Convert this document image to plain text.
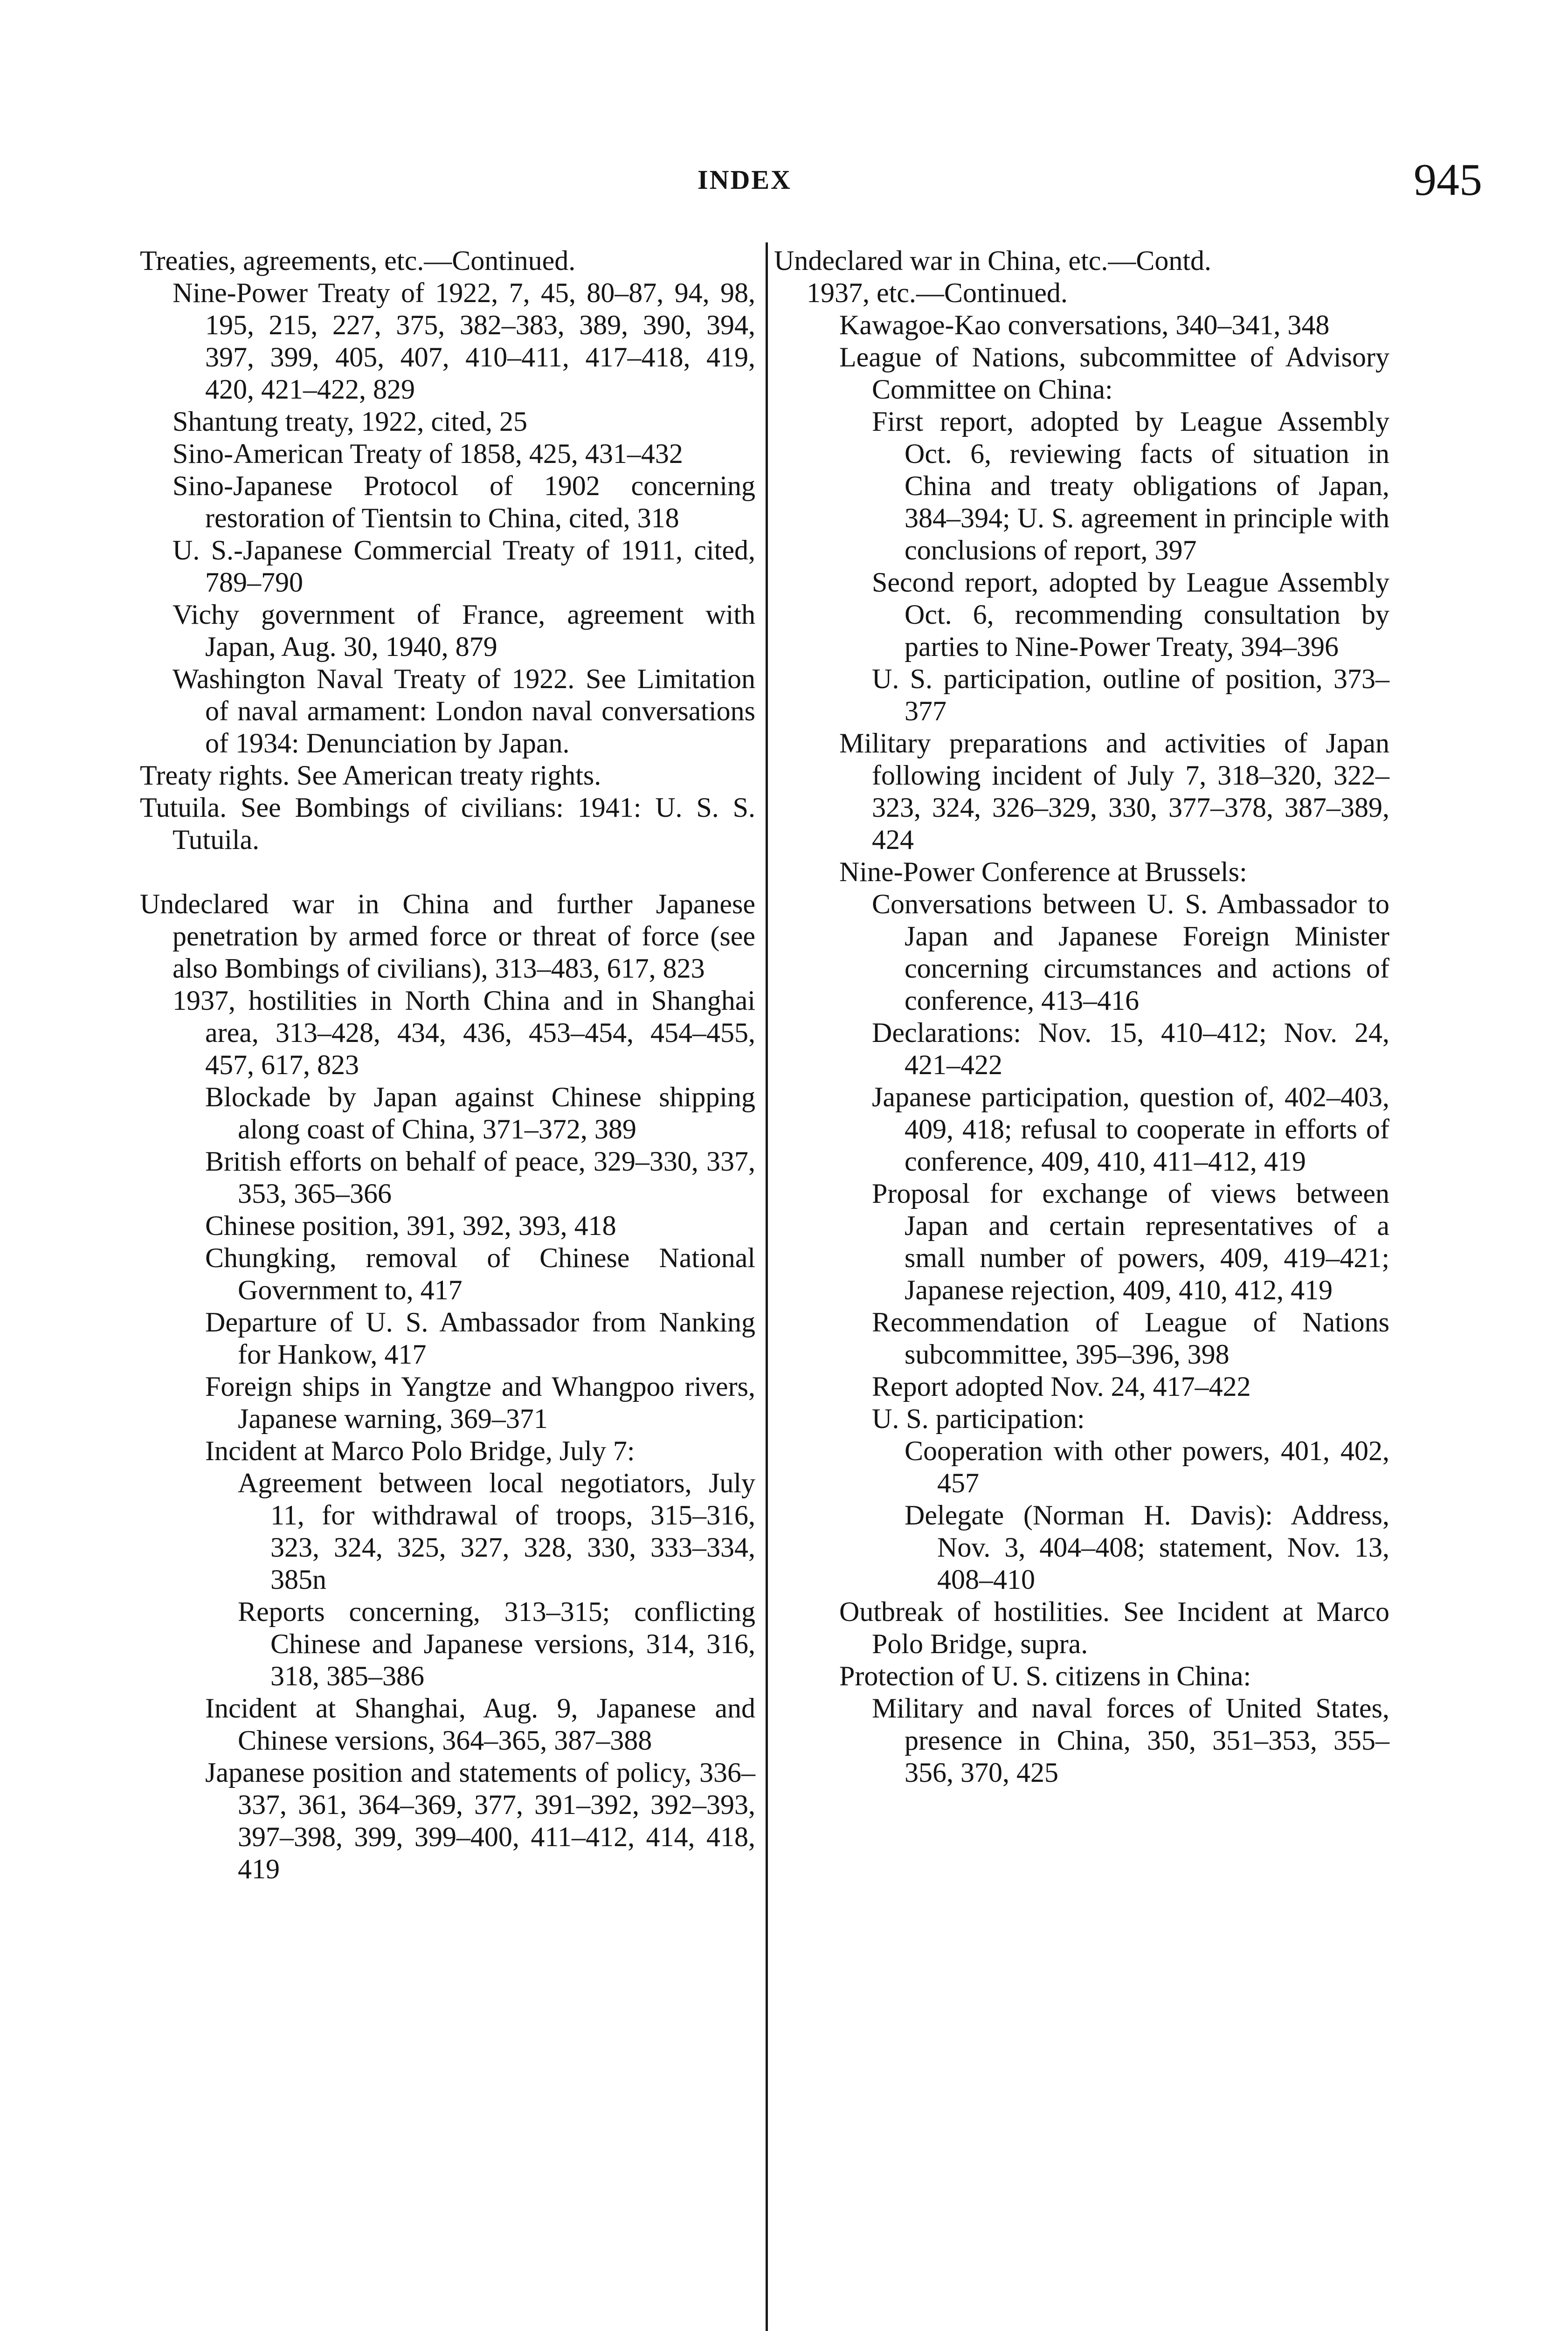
INDEX	945

Treaties, agreements, etc.—Continued.

Nine-Power Treaty of 1922, 7, 45, 80–87, 94, 98, 195, 215, 227, 375, 382–383, 389, 390, 394, 397, 399, 405, 407, 410–411, 417–418, 419, 420, 421–422, 829

Shantung treaty, 1922, cited, 25

Sino-American Treaty of 1858, 425, 431–432

Sino-Japanese Protocol of 1902 concerning restoration of Tientsin to China, cited, 318

U. S.-Japanese Commercial Treaty of 1911, cited, 789–790

Vichy government of France, agreement with Japan, Aug. 30, 1940, 879

Washington Naval Treaty of 1922. See Limitation of naval armament: London naval conversations of 1934: Denunciation by Japan.

Treaty rights. See American treaty rights.

Tutuila. See Bombings of civilians: 1941: U. S. S. Tutuila.

Undeclared war in China and further Japanese penetration by armed force or threat of force (see also Bombings of civilians), 313–483, 617, 823

1937, hostilities in North China and in Shanghai area, 313–428, 434, 436, 453–454, 454–455, 457, 617, 823

Blockade by Japan against Chinese shipping along coast of China, 371–372, 389

British efforts on behalf of peace, 329–330, 337, 353, 365–366

Chinese position, 391, 392, 393, 418

Chungking, removal of Chinese National Government to, 417

Departure of U. S. Ambassador from Nanking for Hankow, 417

Foreign ships in Yangtze and Whangpoo rivers, Japanese warning, 369–371

Incident at Marco Polo Bridge, July 7:

Agreement between local negotiators, July 11, for withdrawal of troops, 315–316, 323, 324, 325, 327, 328, 330, 333–334, 385n

Reports concerning, 313–315; conflicting Chinese and Japanese versions, 314, 316, 318, 385–386

Incident at Shanghai, Aug. 9, Japanese and Chinese versions, 364–365, 387–388

Japanese position and statements of policy, 336–337, 361, 364–369, 377, 391–392, 392–393, 397–398, 399, 399–400, 411–412, 414, 418, 419

Undeclared war in China, etc.—Contd.

1937, etc.—Continued.

Kawagoe-Kao conversations, 340–341, 348

League of Nations, subcommittee of Advisory Committee on China:

First report, adopted by League Assembly Oct. 6, reviewing facts of situation in China and treaty obligations of Japan, 384–394; U. S. agreement in principle with conclusions of report, 397

Second report, adopted by League Assembly Oct. 6, recommending consultation by parties to Nine-Power Treaty, 394–396

U. S. participation, outline of position, 373–377

Military preparations and activities of Japan following incident of July 7, 318–320, 322–323, 324, 326–329, 330, 377–378, 387–389, 424

Nine-Power Conference at Brussels:

Conversations between U. S. Ambassador to Japan and Japanese Foreign Minister concerning circumstances and actions of conference, 413–416

Declarations: Nov. 15, 410–412; Nov. 24, 421–422

Japanese participation, question of, 402–403, 409, 418; refusal to cooperate in efforts of conference, 409, 410, 411–412, 419

Proposal for exchange of views between Japan and certain representatives of a small number of powers, 409, 419–421; Japanese rejection, 409, 410, 412, 419

Recommendation of League of Nations subcommittee, 395–396, 398

Report adopted Nov. 24, 417–422

U. S. participation:

Cooperation with other powers, 401, 402, 457

Delegate (Norman H. Davis): Address, Nov. 3, 404–408; statement, Nov. 13, 408–410

Outbreak of hostilities. See Incident at Marco Polo Bridge, supra.

Protection of U. S. citizens in China:

Military and naval forces of United States, presence in China, 350, 351–353, 355–356, 370, 425
